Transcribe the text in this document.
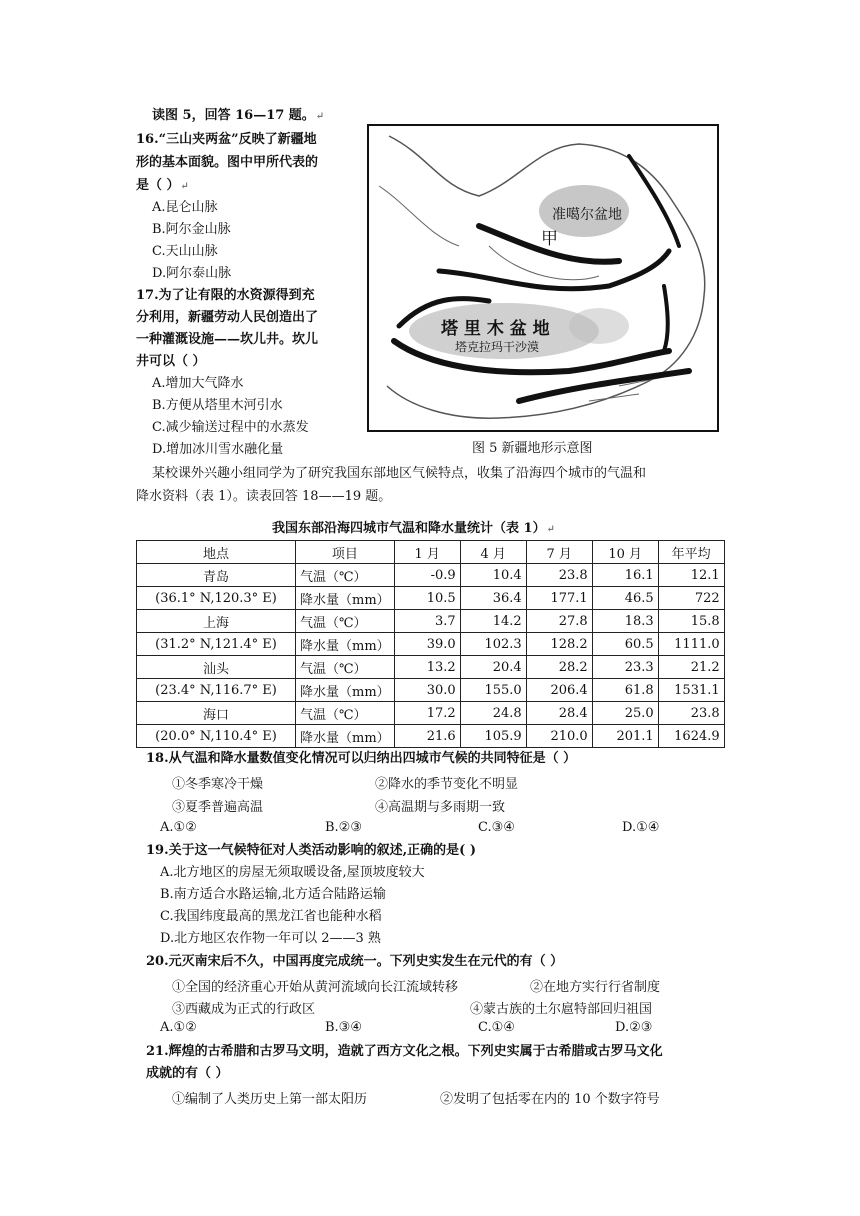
读图 5，回答 16—17 题。↵
16.“三山夹两盆”反映了新疆地
形的基本面貌。图中甲所代表的
是（ ）↵
A.昆仑山脉
B.阿尔金山脉
C.天山山脉
D.阿尔泰山脉
17.为了让有限的水资源得到充
分利用，新疆劳动人民创造出了
一种灌溉设施——坎儿井。坎儿
井可以（ ）
A.增加大气降水
B.方便从塔里木河引水
C.减少输送过程中的水蒸发
D.增加冰川雪水融化量
准噶尔盆地
甲
塔 里 木 盆 地
塔克拉玛干沙漠
图 5 新疆地形示意图
某校课外兴趣小组同学为了研究我国东部地区气候特点，收集了沿海四个城市的气温和
降水资料（表 1）。读表回答 18——19 题。
我国东部沿海四城市气温和降水量统计（表 1）↵
地点	项目	1 月	4 月	7 月	10 月	年平均
青岛	气温（℃）	-0.9	10.4	23.8	16.1	12.1
(36.1° N,120.3° E)	降水量（mm）	10.5	36.4	177.1	46.5	722
上海	气温（℃）	3.7	14.2	27.8	18.3	15.8
(31.2° N,121.4° E)	降水量（mm）	39.0	102.3	128.2	60.5	1111.0
汕头	气温（℃）	13.2	20.4	28.2	23.3	21.2
(23.4° N,116.7° E)	降水量（mm）	30.0	155.0	206.4	61.8	1531.1
海口	气温（℃）	17.2	24.8	28.4	25.0	23.8
(20.0° N,110.4° E)	降水量（mm）	21.6	105.9	210.0	201.1	1624.9
18.从气温和降水量数值变化情况可以归纳出四城市气候的共同特征是（ ）
①冬季寒冷干燥	②降水的季节变化不明显
③夏季普遍高温	④高温期与多雨期一致
A.①②	B.②③	C.③④	D.①④
19.关于这一气候特征对人类活动影响的叙述,正确的是( )
A.北方地区的房屋无须取暖设备,屋顶坡度较大
B.南方适合水路运输,北方适合陆路运输
C.我国纬度最高的黑龙江省也能种水稻
D.北方地区农作物一年可以 2——3 熟
20.元灭南宋后不久，中国再度完成统一。下列史实发生在元代的有（ ）
①全国的经济重心开始从黄河流域向长江流域转移	②在地方实行行省制度
③西藏成为正式的行政区	④蒙古族的土尔扈特部回归祖国
A.①②	B.③④	C.①④	D.②③
21.辉煌的古希腊和古罗马文明，造就了西方文化之根。下列史实属于古希腊或古罗马文化
成就的有（ ）
①编制了人类历史上第一部太阳历	②发明了包括零在内的 10 个数字符号
